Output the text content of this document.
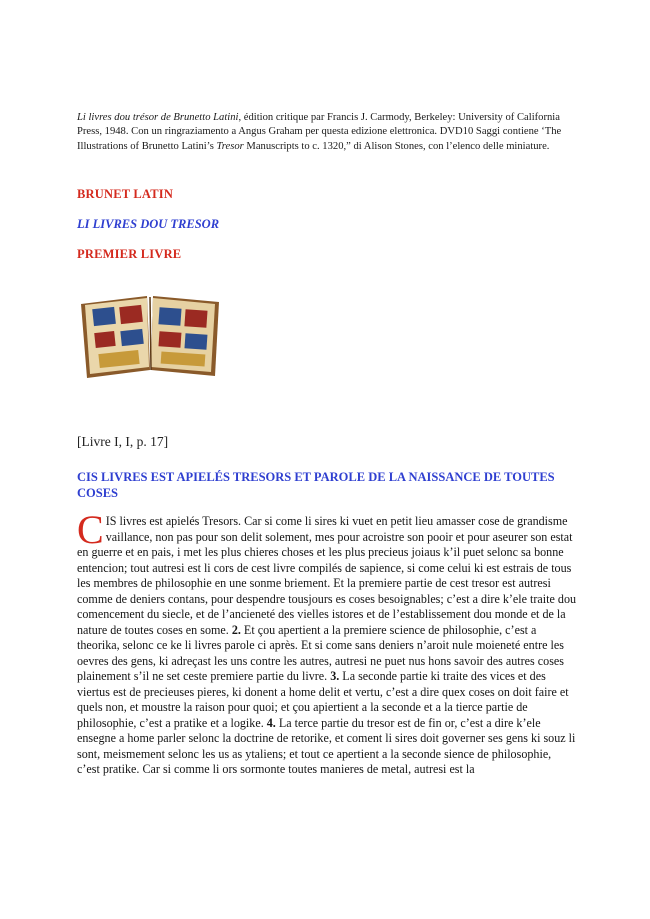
Li livres dou trésor de Brunetto Latini, édition critique par Francis J. Carmody, Berkeley: University of California Press, 1948. Con un ringraziamento a Angus Graham per questa edizione elettronica. DVD10 Saggi contiene ‘The Illustrations of Brunetto Latini’s Tresor Manuscripts to c. 1320,” di Alison Stones, con l’elenco delle miniature.
BRUNET LATIN
LI LIVRES DOU TRESOR
PREMIER LIVRE
[Livre I, I, p. 17]
CIS LIVRES EST APIELÉS TRESORS ET PAROLE DE LA NAISSANCE DE TOUTES COSES
CIS livres est apielés Tresors. Car si come li sires ki vuet en petit lieu amasser cose de grandisme vaillance, non pas pour son delit solement, mes pour acroistre son pooir et pour aseurer son estat en guerre et en pais, i met les plus chieres choses et les plus precieus joiaus k’il puet selonc sa bonne entencion; tout autresi est li cors de cest livre compilés de sapience, si come celui ki est estrais de tous les membres de philosophie en une sonme briement. Et la premiere partie de cest tresor est autresi comme de deniers contans, pour despendre tousjours es coses besoignables; c’est a dire k’ele traite dou comencement du siecle, et de l’ancieneté des vielles istores et de l’establissement dou monde et de la nature de toutes coses en some. 2. Et çou apertient a la premiere science de philosophie, c’est a theorika, selonc ce ke li livres parole ci après. Et si come sans deniers n’aroit nule moieneté entre les oevres des gens, ki adreçast les uns contre les autres, autresi ne puet nus hons savoir des autres coses plainement s’il ne set ceste premiere partie du livre. 3. La seconde partie ki traite des vices et des viertus est de precieuses pieres, ki donent a home delit et vertu, c’est a dire quex coses on doit faire et quels non, et moustre la raison pour quoi; et çou apiertient a la seconde et a la tierce partie de philosophie, c’est a pratike et a logike. 4. La terce partie du tresor est de fin or, c’est a dire k’ele ensegne a home parler selonc la doctrine de retorike, et coment li sires doit governer ses gens ki souz li sont, meismement selonc les us as ytaliens; et tout ce apertient a la seconde sience de philosophie, c’est pratike. Car si comme li ors sormonte toutes manieres de metal, autresi est la
